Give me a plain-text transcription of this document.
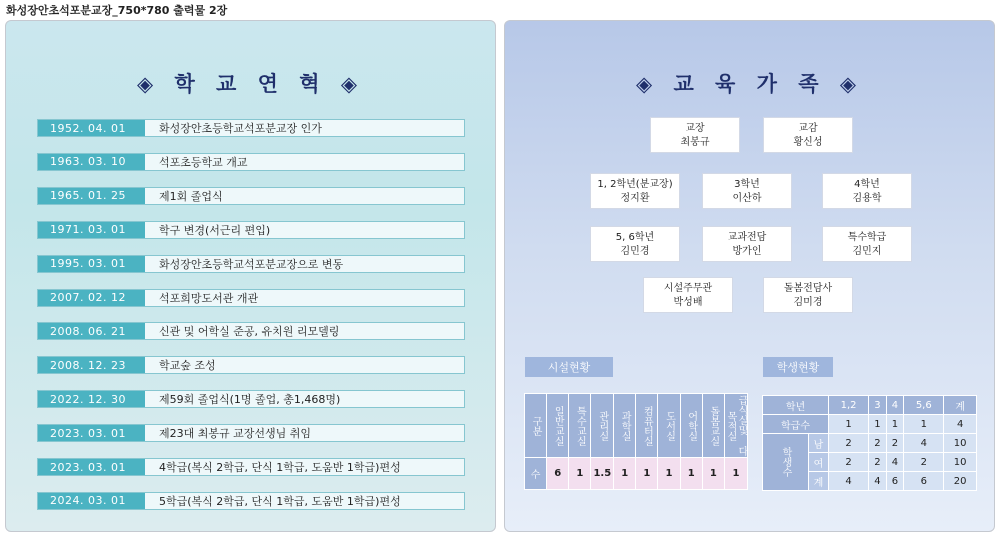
화성장안초석포분교장_750*780 출력물 2장
◈ 학 교 연 혁 ◈
1952. 04. 01	화성장안초등학교석포분교장 인가
1963. 03. 10	석포초등학교 개교
1965. 01. 25	제1회 졸업식
1971. 03. 01	학구 변경(서근리 편입)
1995. 03. 01	화성장안초등학교석포분교장으로 변동
2007. 02. 12	석포희망도서관 개관
2008. 06. 21	신관 및 어학실 준공, 유치원 리모델링
2008. 12. 23	학교숲 조성
2022. 12. 30	제59회 졸업식(1명 졸업, 총1,468명)
2023. 03. 01	제23대 최봉규 교장선생님 취임
2023. 03. 01	4학급(복식 2학급, 단식 1학급, 도움반 1학급)편성
2024. 03. 01	5학급(복식 2학급, 단식 1학급, 도움반 1학급)편성
◈ 교 육 가 족 ◈
교장
최봉규
교감
황신성
1, 2학년(분교장)
정지환
3학년
이산하
4학년
김용학
5, 6학년
김민경
교과전담
방가인
특수학급
김민지
시설주무관
박성배
돌봄전담사
김미경
시설현황	학생현황
구분	일반교실	특수교실	관리실	과학실	컴퓨터실	도서실	어학실	돌봄교실	급식실및 다목적실

수	6	1	1.5	1	1	1	1	1	1
학년		1,2	3	4	5,6	계
학급수		1	1	1	1	4
학생수	남	2	2	2	4	10
	여	2	2	4	2	10
	계	4	4	6	6	20
